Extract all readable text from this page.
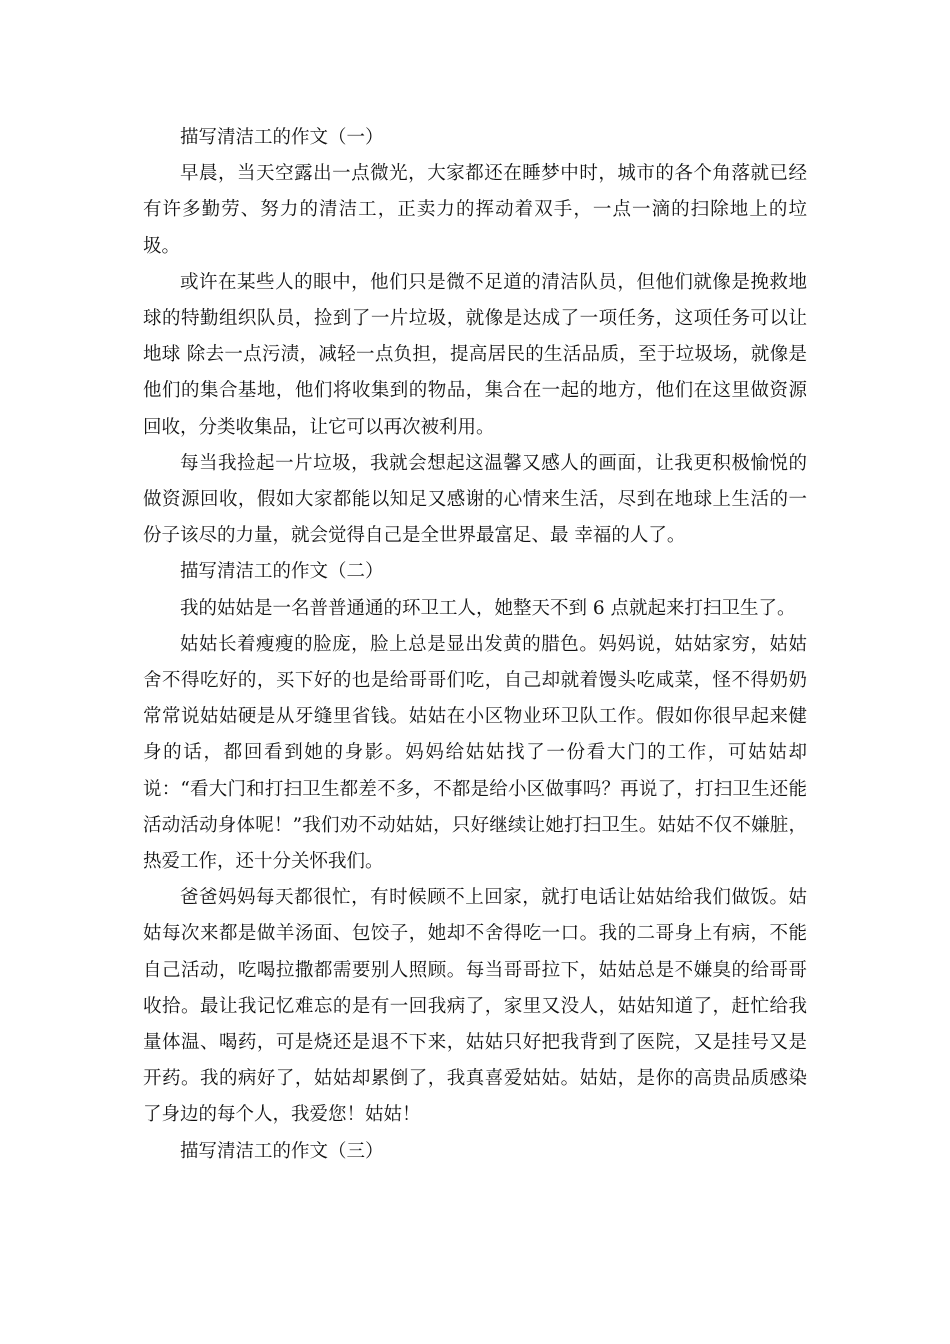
描写清洁工的作文（一）

早晨，当天空露出一点微光，大家都还在睡梦中时，城市的各个角落就已经有许多勤劳、努力的清洁工，正卖力的挥动着双手，一点一滴的扫除地上的垃圾。

或许在某些人的眼中，他们只是微不足道的清洁队员，但他们就像是挽救地球的特勤组织队员，捡到了一片垃圾，就像是达成了一项任务，这项任务可以让地球 除去一点污渍，减轻一点负担，提高居民的生活品质，至于垃圾场，就像是他们的集合基地，他们将收集到的物品，集合在一起的地方，他们在这里做资源回收，分类收集品，让它可以再次被利用。

每当我捡起一片垃圾，我就会想起这温馨又感人的画面，让我更积极愉悦的做资源回收，假如大家都能以知足又感谢的心情来生活，尽到在地球上生活的一份子该尽的力量，就会觉得自己是全世界最富足、最 幸福的人了。

描写清洁工的作文（二）

我的姑姑是一名普普通通的环卫工人，她整天不到 6 点就起来打扫卫生了。

姑姑长着瘦瘦的脸庞，脸上总是显出发黄的腊色。妈妈说，姑姑家穷，姑姑舍不得吃好的，买下好的也是给哥哥们吃，自己却就着馒头吃咸菜，怪不得奶奶常常说姑姑硬是从牙缝里省钱。姑姑在小区物业环卫队工作。假如你很早起来健身的话，都回看到她的身影。妈妈给姑姑找了一份看大门的工作，可姑姑却说：“看大门和打扫卫生都差不多，不都是给小区做事吗？再说了，打扫卫生还能活动活动身体呢！”我们劝不动姑姑，只好继续让她打扫卫生。姑姑不仅不嫌脏，热爱工作，还十分关怀我们。

爸爸妈妈每天都很忙，有时候顾不上回家，就打电话让姑姑给我们做饭。姑姑每次来都是做羊汤面、包饺子，她却不舍得吃一口。我的二哥身上有病，不能自己活动，吃喝拉撒都需要别人照顾。每当哥哥拉下，姑姑总是不嫌臭的给哥哥收拾。最让我记忆难忘的是有一回我病了，家里又没人，姑姑知道了，赶忙给我量体温、喝药，可是烧还是退不下来，姑姑只好把我背到了医院，又是挂号又是开药。我的病好了，姑姑却累倒了，我真喜爱姑姑。姑姑，是你的高贵品质感染了身边的每个人，我爱您！姑姑！

描写清洁工的作文（三）
